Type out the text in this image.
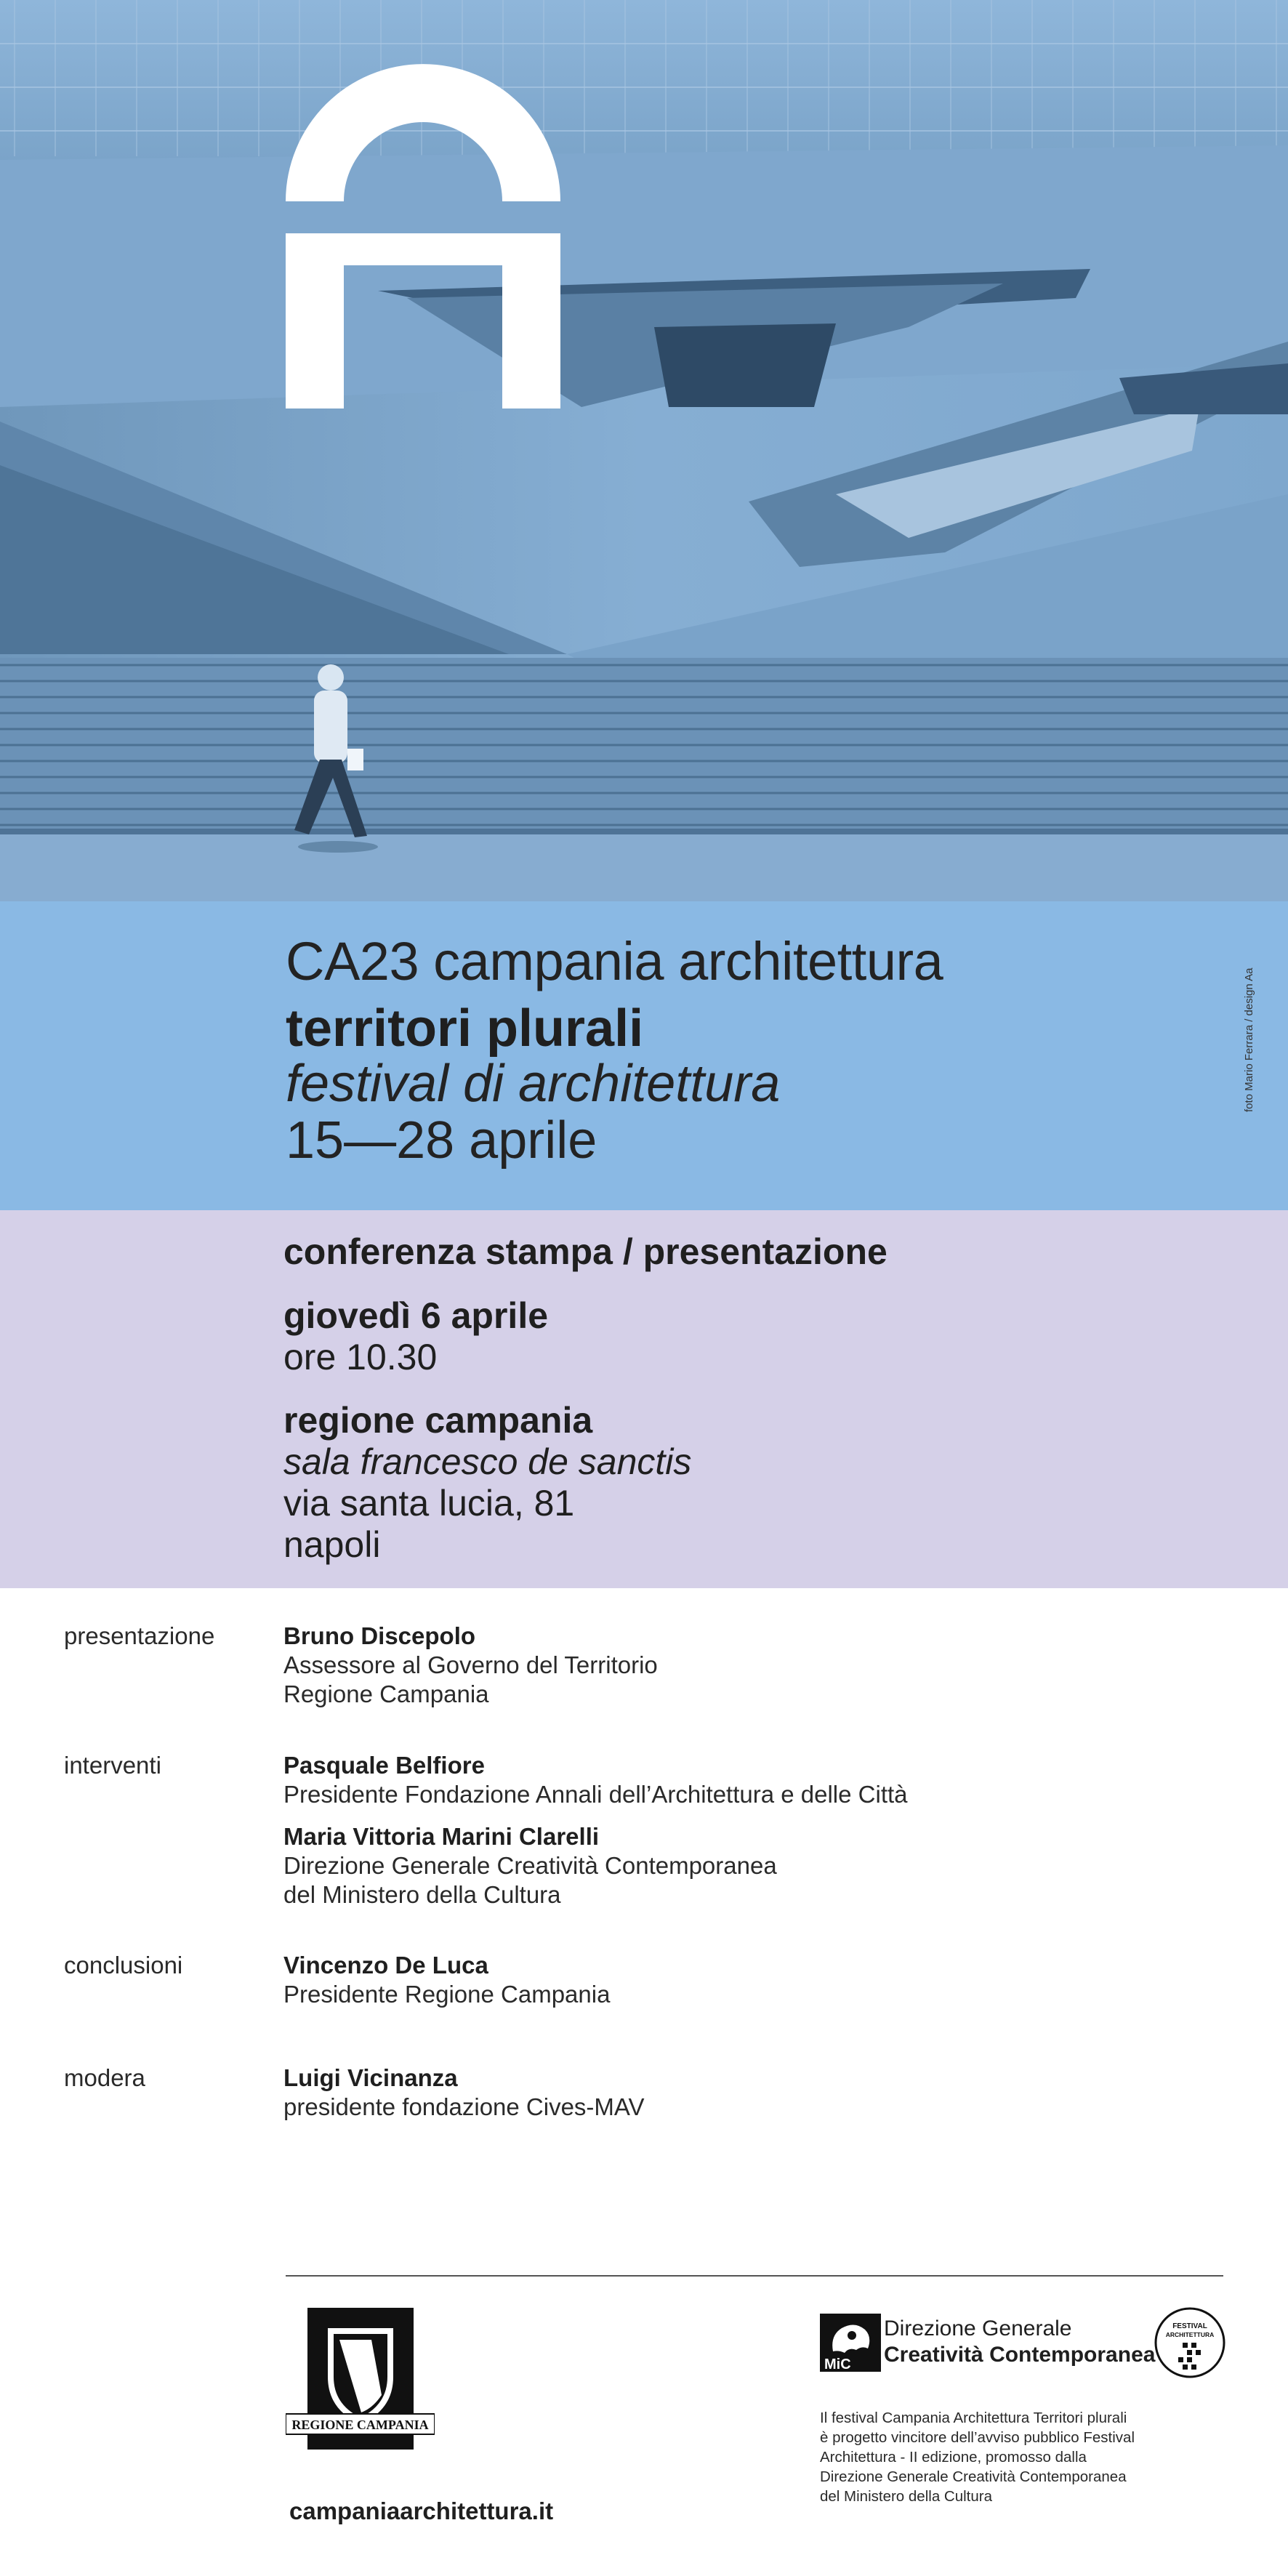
CA23 campania architettura
territori plurali
festival di architettura
15—28 aprile
foto Mario Ferrara / design Aa
conferenza stampa / presentazione
giovedì 6 aprile
ore 10.30
regione campania
sala francesco de sanctis
via santa lucia, 81
napoli
presentazione	Bruno Discepolo
Assessore al Governo del Territorio
Regione Campania
interventi	Pasquale Belfiore
Presidente Fondazione Annali dell’Architettura e delle Città
Maria Vittoria Marini Clarelli
Direzione Generale Creatività Contemporanea
del Ministero della Cultura
conclusioni	Vincenzo De Luca
Presidente Regione Campania
modera	Luigi Vicinanza
presidente fondazione Cives-MAV
REGIONE CAMPANIA
campaniaarchitettura.it
MiC
Direzione Generale
Creatività Contemporanea
FESTIVAL
ARCHITETTURA
Il festival Campania Architettura Territori plurali
è progetto vincitore dell’avviso pubblico Festival
Architettura - II edizione, promosso dalla
Direzione Generale Creatività Contemporanea
del Ministero della Cultura
